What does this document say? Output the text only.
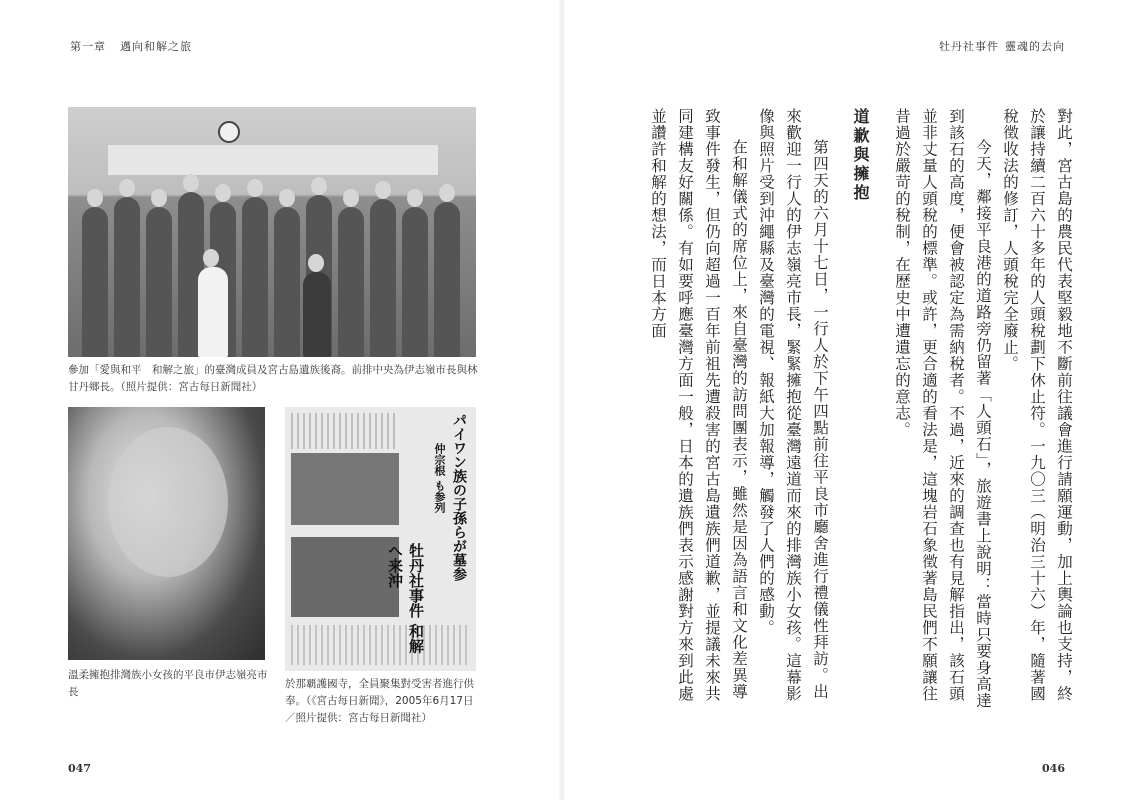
第一章 邁向和解之旅
參加「愛與和平　和解之旅」的臺灣成員及宮古島遺族後裔。前排中央為伊志嶺市長與林甘丹鄉長。（照片提供：宮古每日新聞社）
溫柔擁抱排灣族小女孩的平良市伊志嶺亮市長
パイワン族の子孫らが墓参
仲宗根 も参列
牡丹社事件 和解へ来沖
於那覇護國寺，全員聚集對受害者進行供奉。（《宮古每日新聞》，2005年6月17日／照片提供：宮古每日新聞社）
047
牡丹社事件 靈魂的去向

對此，宮古島的農民代表堅毅地不斷前往議會進行請願運動，加上輿論也支持，終於讓持續二百六十多年的人頭稅劃下休止符。一九〇三（明治三十六）年，隨著國稅徵收法的修訂，人頭稅完全廢止。

今天，鄰接平良港的道路旁仍留著「人頭石」，旅遊書上說明：當時只要身高達到該石的高度，便會被認定為需納稅者。不過，近來的調查也有見解指出，該石頭並非丈量人頭稅的標準。或許，更合適的看法是，這塊岩石象徵著島民們不願讓往昔過於嚴苛的稅制，在歷史中遭遺忘的意志。

道歉與擁抱

第四天的六月十七日，一行人於下午四點前往平良市廳舍進行禮儀性拜訪。出來歡迎一行人的伊志嶺亮市長，緊緊擁抱從臺灣遠道而來的排灣族小女孩。這幕影像與照片受到沖繩縣及臺灣的電視、報紙大加報導，觸發了人們的感動。

在和解儀式的席位上，來自臺灣的訪問團表示，雖然是因為語言和文化差異導致事件發生，但仍向超過一百年前祖先遭殺害的宮古島遺族們道歉，並提議未來共同建構友好關係。有如要呼應臺灣方面一般，日本的遺族們表示感謝對方來到此處並讚許和解的想法，而日本方面

046
